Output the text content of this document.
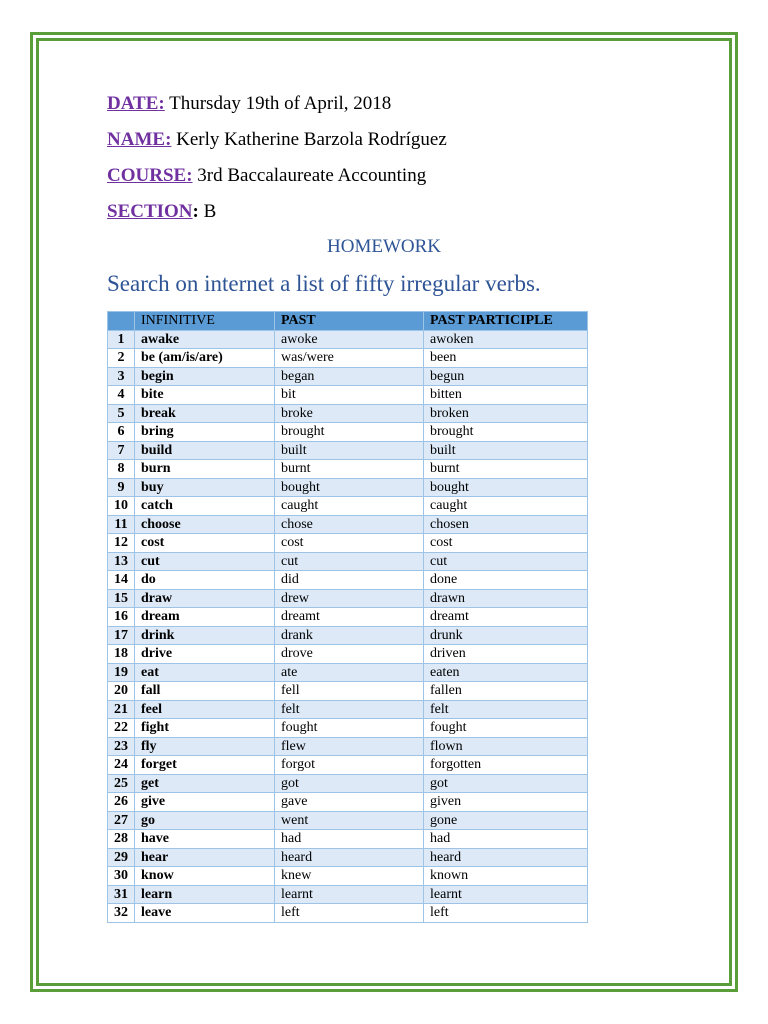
DATE: Thursday 19th of April, 2018
NAME: Kerly Katherine Barzola Rodríguez
COURSE: 3rd Baccalaureate Accounting
SECTION: B
HOMEWORK
Search on internet a list of fifty irregular verbs.
	INFINITIVE	PAST	PAST PARTICIPLE
1	awake	awoke	awoken
2	be (am/is/are)	was/were	been
3	begin	began	begun
4	bite	bit	bitten
5	break	broke	broken
6	bring	brought	brought
7	build	built	built
8	burn	burnt	burnt
9	buy	bought	bought
10	catch	caught	caught
11	choose	chose	chosen
12	cost	cost	cost
13	cut	cut	cut
14	do	did	done
15	draw	drew	drawn
16	dream	dreamt	dreamt
17	drink	drank	drunk
18	drive	drove	driven
19	eat	ate	eaten
20	fall	fell	fallen
21	feel	felt	felt
22	fight	fought	fought
23	fly	flew	flown
24	forget	forgot	forgotten
25	get	got	got
26	give	gave	given
27	go	went	gone
28	have	had	had
29	hear	heard	heard
30	know	knew	known
31	learn	learnt	learnt
32	leave	left	left
